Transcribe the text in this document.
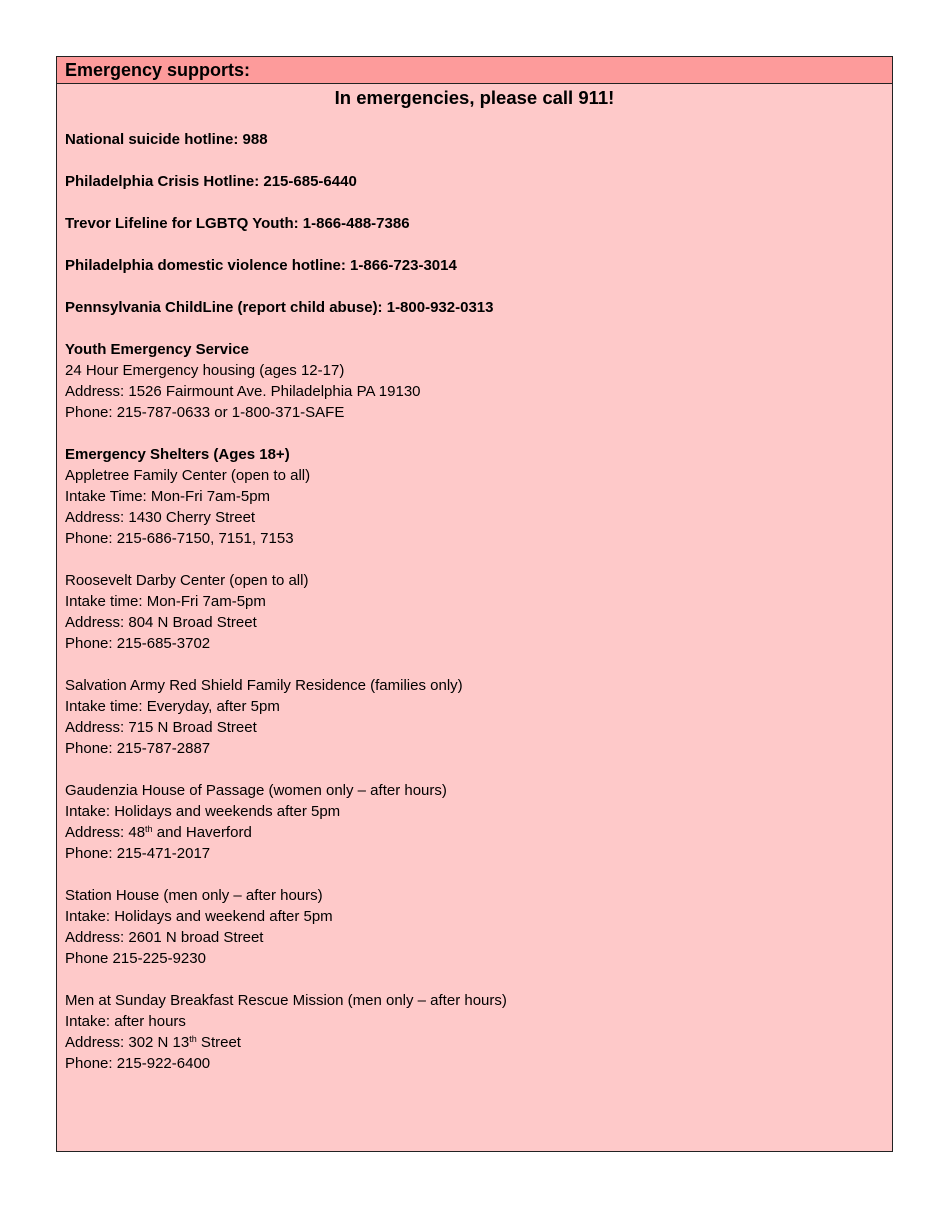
Emergency supports:
In emergencies, please call 911!
National suicide hotline: 988
Philadelphia Crisis Hotline: 215-685-6440
Trevor Lifeline for LGBTQ Youth: 1-866-488-7386
Philadelphia domestic violence hotline: 1-866-723-3014
Pennsylvania ChildLine (report child abuse): 1-800-932-0313
Youth Emergency Service
24 Hour Emergency housing (ages 12-17)
Address: 1526 Fairmount Ave. Philadelphia PA 19130
Phone: 215-787-0633 or 1-800-371-SAFE
Emergency Shelters (Ages 18+)
Appletree Family Center (open to all)
Intake Time: Mon-Fri 7am-5pm
Address: 1430 Cherry Street
Phone: 215-686-7150, 7151, 7153
Roosevelt Darby Center (open to all)
Intake time: Mon-Fri 7am-5pm
Address: 804 N Broad Street
Phone: 215-685-3702
Salvation Army Red Shield Family Residence (families only)
Intake time: Everyday, after 5pm
Address: 715 N Broad Street
Phone: 215-787-2887
Gaudenzia House of Passage (women only – after hours)
Intake: Holidays and weekends after 5pm
Address: 48th and Haverford
Phone: 215-471-2017
Station House (men only – after hours)
Intake: Holidays and weekend after 5pm
Address: 2601 N broad Street
Phone 215-225-9230
Men at Sunday Breakfast Rescue Mission (men only – after hours)
Intake: after hours
Address: 302 N 13th Street
Phone: 215-922-6400
